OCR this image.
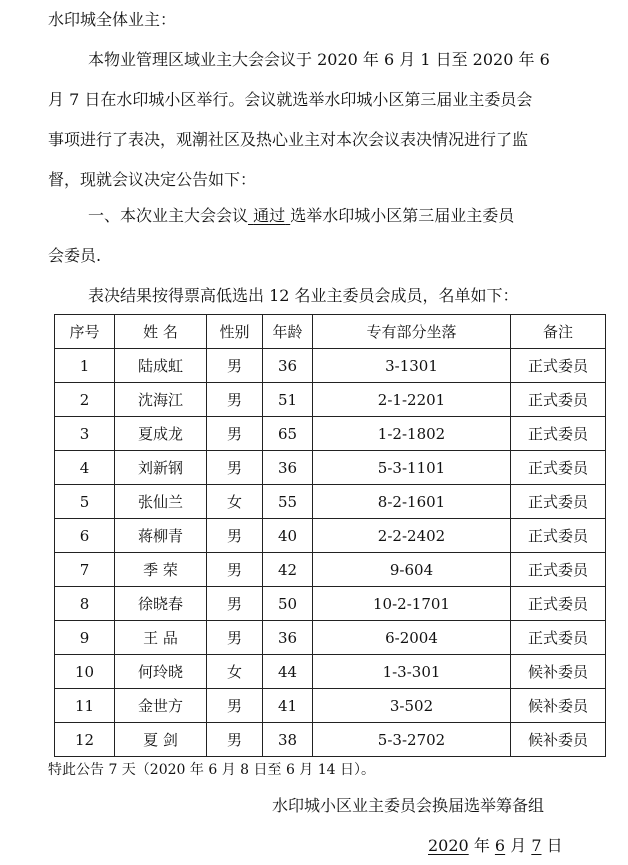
水印城全体业主：
本物业管理区域业主大会会议于 2020 年 6 月 1 日至 2020 年 6
月 7 日在水印城小区举行。会议就选举水印城小区第三届业主委员会
事项进行了表决，观潮社区及热心业主对本次会议表决情况进行了监
督，现就会议决定公告如下：
一、本次业主大会会议 通过 选举水印城小区第三届业主委员
会委员.
表决结果按得票高低选出 12 名业主委员会成员，名单如下：
序号	姓 名	性别	年龄	专有部分坐落	备注
1	陆成虹	男	36	3-1301	正式委员
2	沈海江	男	51	2-1-2201	正式委员
3	夏成龙	男	65	1-2-1802	正式委员
4	刘新钢	男	36	5-3-1101	正式委员
5	张仙兰	女	55	8-2-1601	正式委员
6	蒋柳青	男	40	2-2-2402	正式委员
7	季 荣	男	42	9-604	正式委员
8	徐晓春	男	50	10-2-1701	正式委员
9	王 品	男	36	6-2004	正式委员
10	何玲晓	女	44	1-3-301	候补委员
11	金世方	男	41	3-502	候补委员
12	夏 剑	男	38	5-3-2702	候补委员
特此公告 7 天（2020 年 6 月 8 日至 6 月 14 日）。
水印城小区业主委员会换届选举筹备组
2020 年 6 月 7 日
